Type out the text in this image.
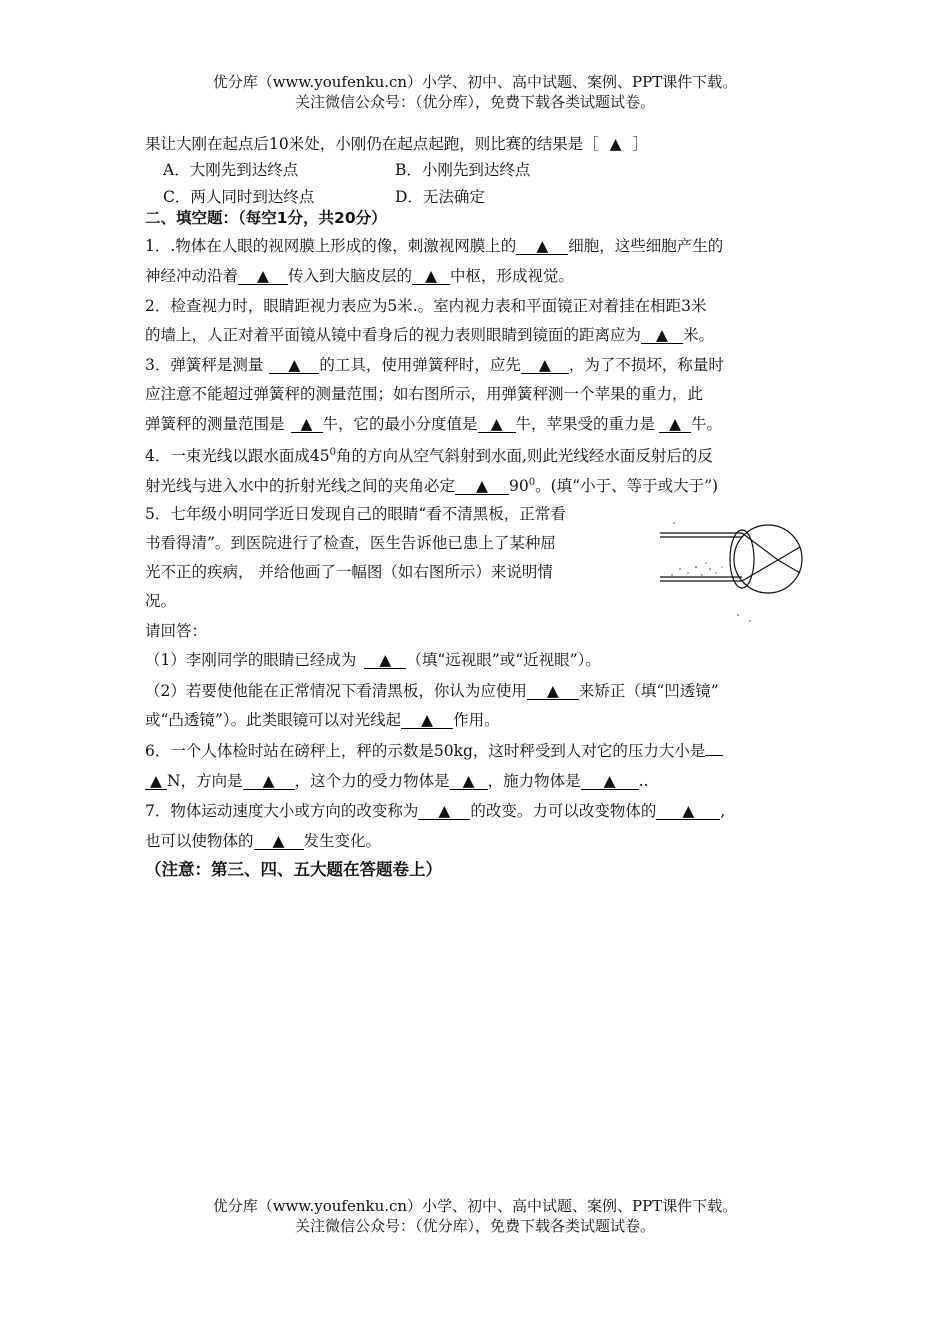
优分库（www.youfenku.cn）小学、初中、高中试题、案例、PPT课件下载。
关注微信公众号：（优分库），免费下载各类试题试卷。
果让大刚在起点后10米处，小刚仍在起点起跑，则比赛的结果是［ ▲ ］
A．大刚先到达终点	B．小刚先到达终点
C．两人同时到达终点	D．无法确定
二、填空题：（每空1分，共20分）
1．.物体在人眼的视网膜上形成的像，刺激视网膜上的 ▲ 细胞，这些细胞产生的
神经冲动沿着 ▲ 传入到大脑皮层的 ▲ 中枢，形成视觉。
2．检查视力时，眼睛距视力表应为5米.。室内视力表和平面镜正对着挂在相距3米
的墙上，人正对着平面镜从镜中看身后的视力表则眼睛到镜面的距离应为 ▲ 米。
3．弹簧秤是测量 ▲ 的工具，使用弹簧秤时，应先 ▲ ，为了不损坏，称量时
应注意不能超过弹簧秤的测量范围；如右图所示，用弹簧秤测一个苹果的重力，此
弹簧秤的测量范围是 ▲ 牛，它的最小分度值是 ▲ 牛，苹果受的重力是 ▲ 牛。
4．一束光线以跟水面成$45^0$角的方向从空气斜射到水面,则此光线经水面反射后的反
射光线与进入水中的折射光线之间的夹角必定 ▲ $90^0$。(填“小于、等于或大于”)
5．七年级小明同学近日发现自己的眼睛“看不清黑板，正常看
书看得清”。到医院进行了检查，医生告诉他已患上了某种屈
光不正的疾病， 并给他画了一幅图（如右图所示）来说明情
况。
请回答：
（1）李刚同学的眼睛已经成为 ▲ （填“远视眼”或“近视眼”）。
（2）若要使他能在正常情况下看清黑板，你认为应使用 ▲ 来矫正（填“凹透镜”
或“凸透镜”）。此类眼镜可以对光线起 ▲ 作用。
6．一个人体检时站在磅秤上，秤的示数是50kg，这时秤受到人对它的压力大小是
▲ N，方向是 ▲ ，这个力的受力物体是 ▲ ，施力物体是 ▲ ..
7．物体运动速度大小或方向的改变称为 ▲ 的改变。力可以改变物体的 ▲ ,
也可以使物体的 ▲ 发生变化。
（注意：第三、四、五大题在答题卷上）
优分库（www.youfenku.cn）小学、初中、高中试题、案例、PPT课件下载。
关注微信公众号：（优分库），免费下载各类试题试卷。
